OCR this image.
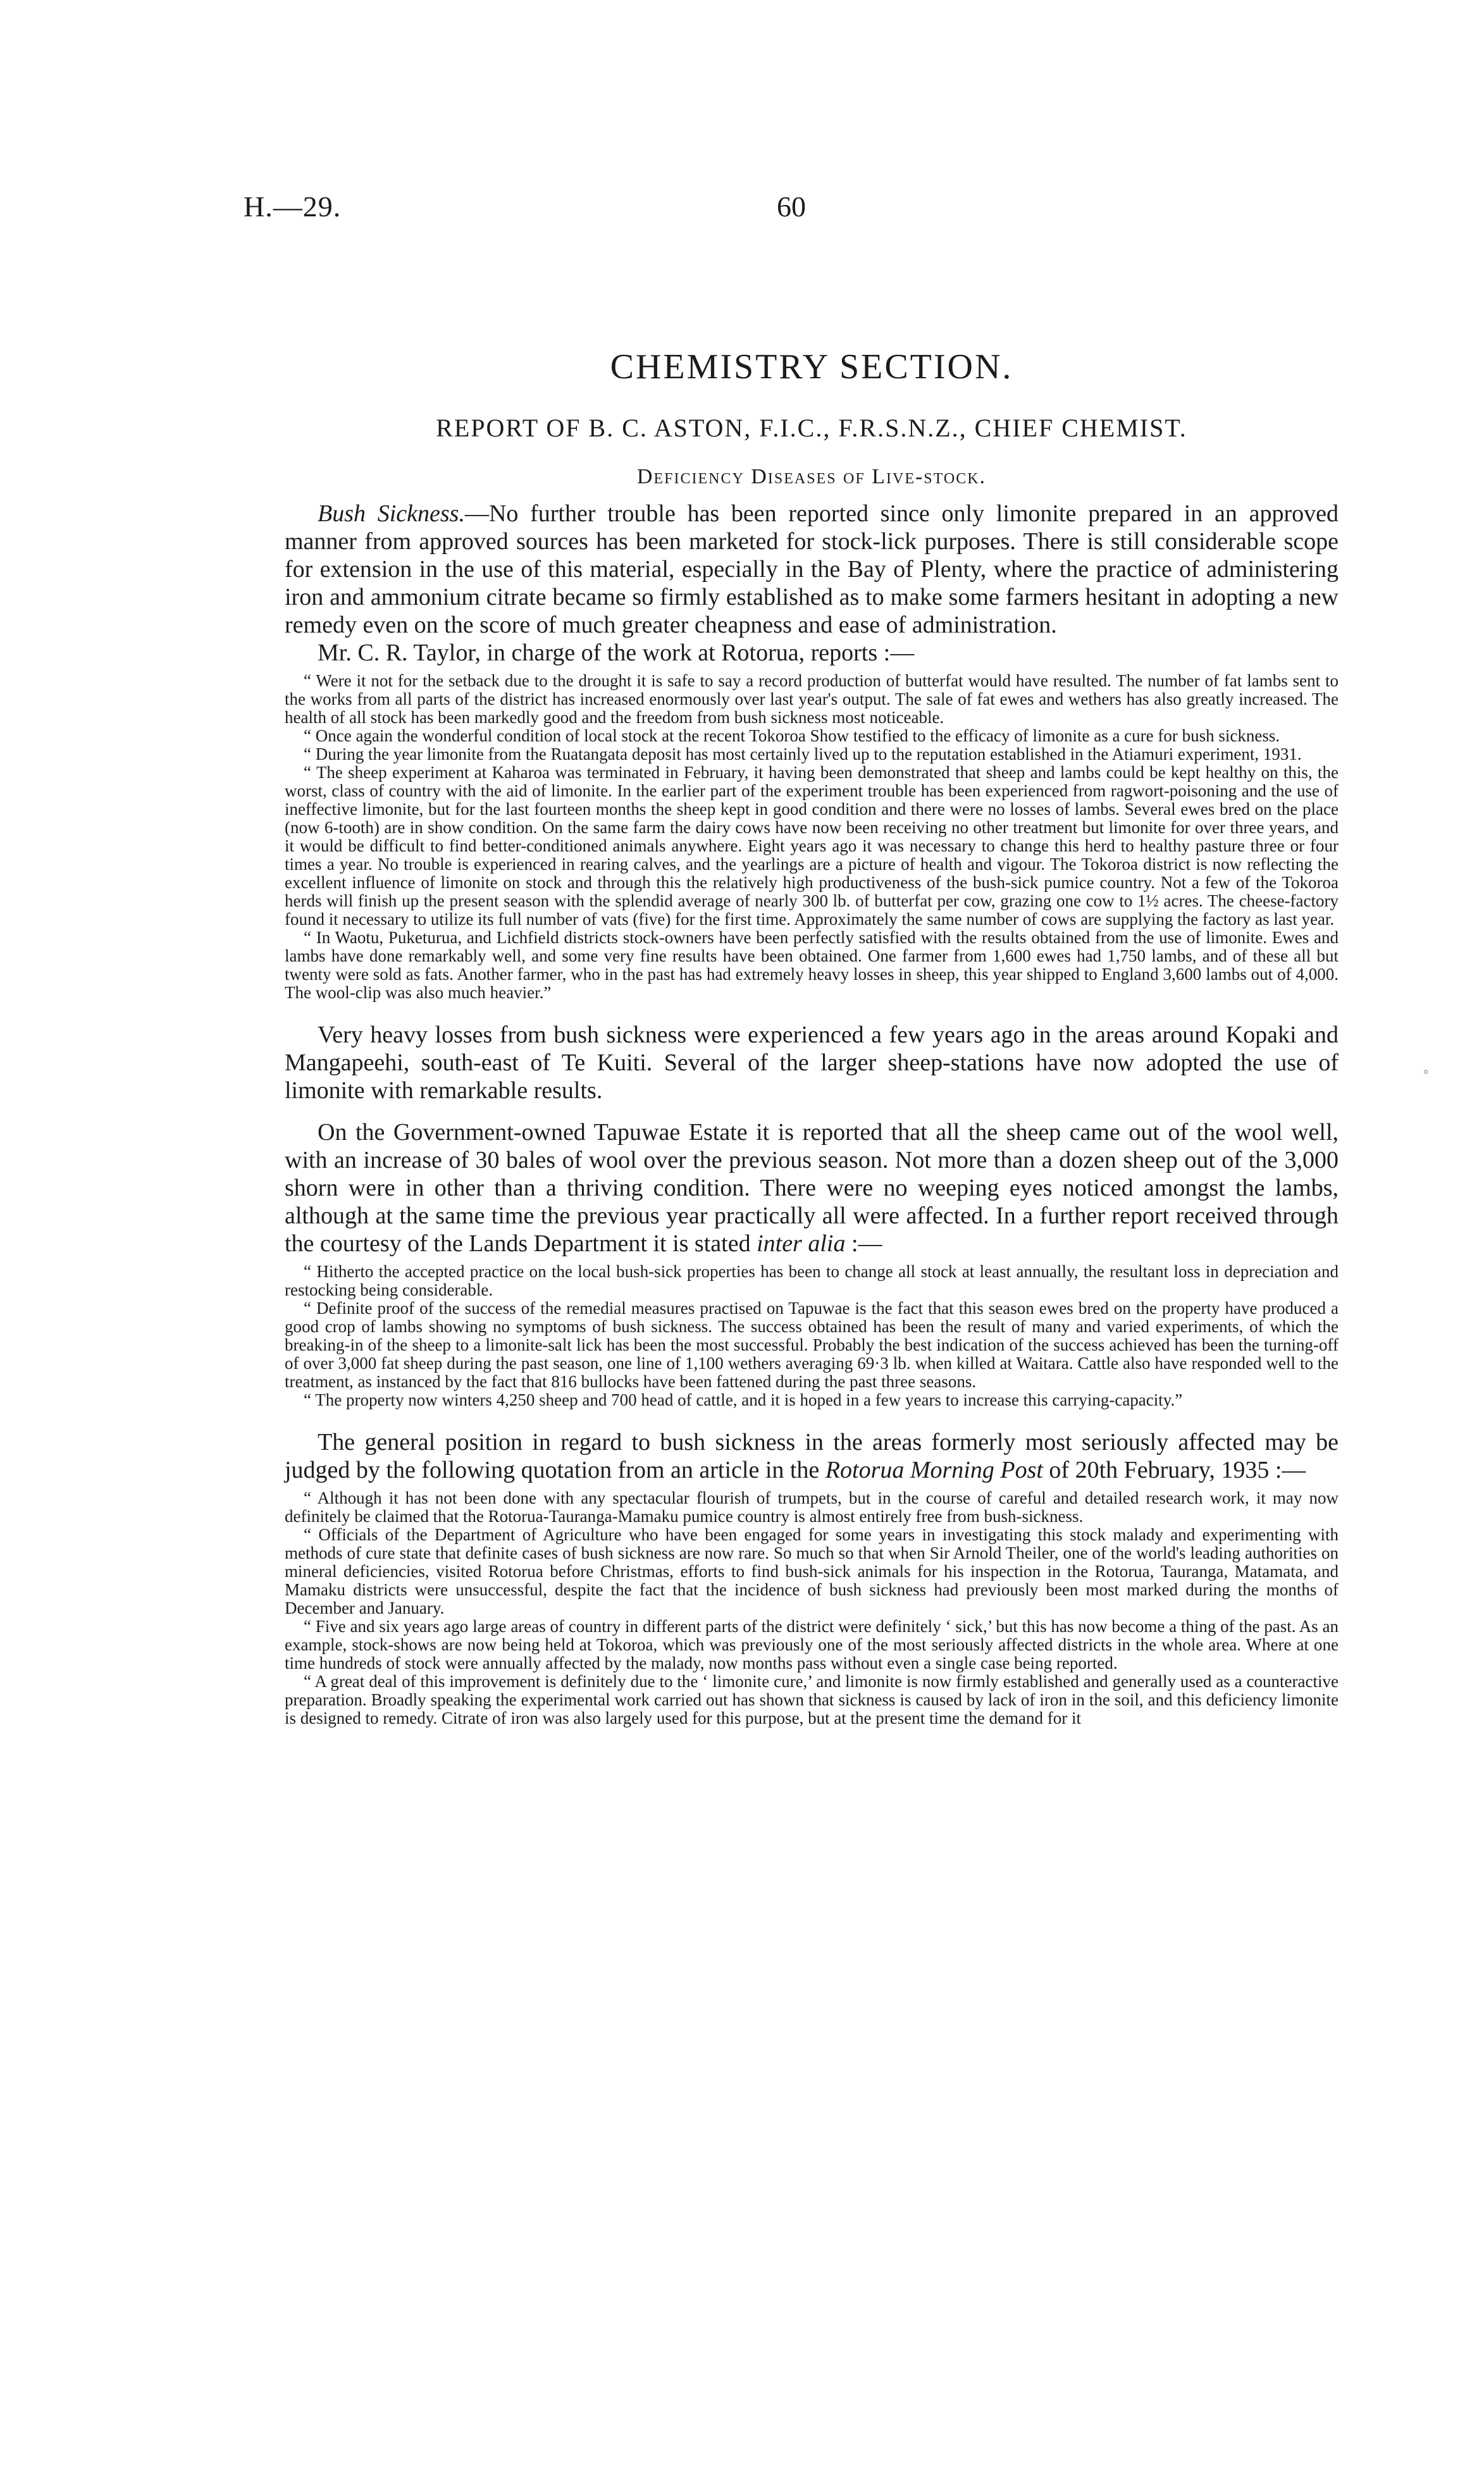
H.—29.	60
°
CHEMISTRY SECTION.
REPORT OF B. C. ASTON, F.I.C., F.R.S.N.Z., CHIEF CHEMIST.
Deficiency Diseases of Live-stock.

Bush Sickness.—No further trouble has been reported since only limonite prepared in an approved manner from approved sources has been marketed for stock-lick purposes. There is still considerable scope for extension in the use of this material, especially in the Bay of Plenty, where the practice of administering iron and ammonium citrate became so firmly established as to make some farmers hesitant in adopting a new remedy even on the score of much greater cheapness and ease of administration.

Mr. C. R. Taylor, in charge of the work at Rotorua, reports :—

“ Were it not for the setback due to the drought it is safe to say a record production of butterfat would have resulted. The number of fat lambs sent to the works from all parts of the district has increased enormously over last year's output. The sale of fat ewes and wethers has also greatly increased. The health of all stock has been markedly good and the freedom from bush sickness most noticeable.

“ Once again the wonderful condition of local stock at the recent Tokoroa Show testified to the efficacy of limonite as a cure for bush sickness.

“ During the year limonite from the Ruatangata deposit has most certainly lived up to the reputation established in the Atiamuri experiment, 1931.

“ The sheep experiment at Kaharoa was terminated in February, it having been demonstrated that sheep and lambs could be kept healthy on this, the worst, class of country with the aid of limonite. In the earlier part of the experiment trouble has been experienced from ragwort-poisoning and the use of ineffective limonite, but for the last fourteen months the sheep kept in good condition and there were no losses of lambs. Several ewes bred on the place (now 6-tooth) are in show condition. On the same farm the dairy cows have now been receiving no other treatment but limonite for over three years, and it would be difficult to find better-conditioned animals anywhere. Eight years ago it was necessary to change this herd to healthy pasture three or four times a year. No trouble is experienced in rearing calves, and the yearlings are a picture of health and vigour. The Tokoroa district is now reflecting the excellent influence of limonite on stock and through this the relatively high productiveness of the bush-sick pumice country. Not a few of the Tokoroa herds will finish up the present season with the splendid average of nearly 300 lb. of butterfat per cow, grazing one cow to 1½ acres. The cheese-factory found it necessary to utilize its full number of vats (five) for the first time. Approximately the same number of cows are supplying the factory as last year.

“ In Waotu, Puketurua, and Lichfield districts stock-owners have been perfectly satisfied with the results obtained from the use of limonite. Ewes and lambs have done remarkably well, and some very fine results have been obtained. One farmer from 1,600 ewes had 1,750 lambs, and of these all but twenty were sold as fats. Another farmer, who in the past has had extremely heavy losses in sheep, this year shipped to England 3,600 lambs out of 4,000. The wool-clip was also much heavier.”

Very heavy losses from bush sickness were experienced a few years ago in the areas around Kopaki and Mangapeehi, south-east of Te Kuiti. Several of the larger sheep-stations have now adopted the use of limonite with remarkable results.

On the Government-owned Tapuwae Estate it is reported that all the sheep came out of the wool well, with an increase of 30 bales of wool over the previous season. Not more than a dozen sheep out of the 3,000 shorn were in other than a thriving condition. There were no weeping eyes noticed amongst the lambs, although at the same time the previous year practically all were affected. In a further report received through the courtesy of the Lands Department it is stated inter alia :—

“ Hitherto the accepted practice on the local bush-sick properties has been to change all stock at least annually, the resultant loss in depreciation and restocking being considerable.

“ Definite proof of the success of the remedial measures practised on Tapuwae is the fact that this season ewes bred on the property have produced a good crop of lambs showing no symptoms of bush sickness. The success obtained has been the result of many and varied experiments, of which the breaking-in of the sheep to a limonite-salt lick has been the most successful. Probably the best indication of the success achieved has been the turning-off of over 3,000 fat sheep during the past season, one line of 1,100 wethers averaging 69·3 lb. when killed at Waitara. Cattle also have responded well to the treatment, as instanced by the fact that 816 bullocks have been fattened during the past three seasons.

“ The property now winters 4,250 sheep and 700 head of cattle, and it is hoped in a few years to increase this carrying-capacity.”

The general position in regard to bush sickness in the areas formerly most seriously affected may be judged by the following quotation from an article in the Rotorua Morning Post of 20th February, 1935 :—

“ Although it has not been done with any spectacular flourish of trumpets, but in the course of careful and detailed research work, it may now definitely be claimed that the Rotorua-Tauranga-Mamaku pumice country is almost entirely free from bush-sickness.

“ Officials of the Department of Agriculture who have been engaged for some years in investigating this stock malady and experimenting with methods of cure state that definite cases of bush sickness are now rare. So much so that when Sir Arnold Theiler, one of the world's leading authorities on mineral deficiencies, visited Rotorua before Christmas, efforts to find bush-sick animals for his inspection in the Rotorua, Tauranga, Matamata, and Mamaku districts were unsuccessful, despite the fact that the incidence of bush sickness had previously been most marked during the months of December and January.

“ Five and six years ago large areas of country in different parts of the district were definitely ‘ sick,’ but this has now become a thing of the past. As an example, stock-shows are now being held at Tokoroa, which was previously one of the most seriously affected districts in the whole area. Where at one time hundreds of stock were annually affected by the malady, now months pass without even a single case being reported.

“ A great deal of this improvement is definitely due to the ‘ limonite cure,’ and limonite is now firmly established and generally used as a counteractive preparation. Broadly speaking the experimental work carried out has shown that sickness is caused by lack of iron in the soil, and this deficiency limonite is designed to remedy. Citrate of iron was also largely used for this purpose, but at the present time the demand for it
